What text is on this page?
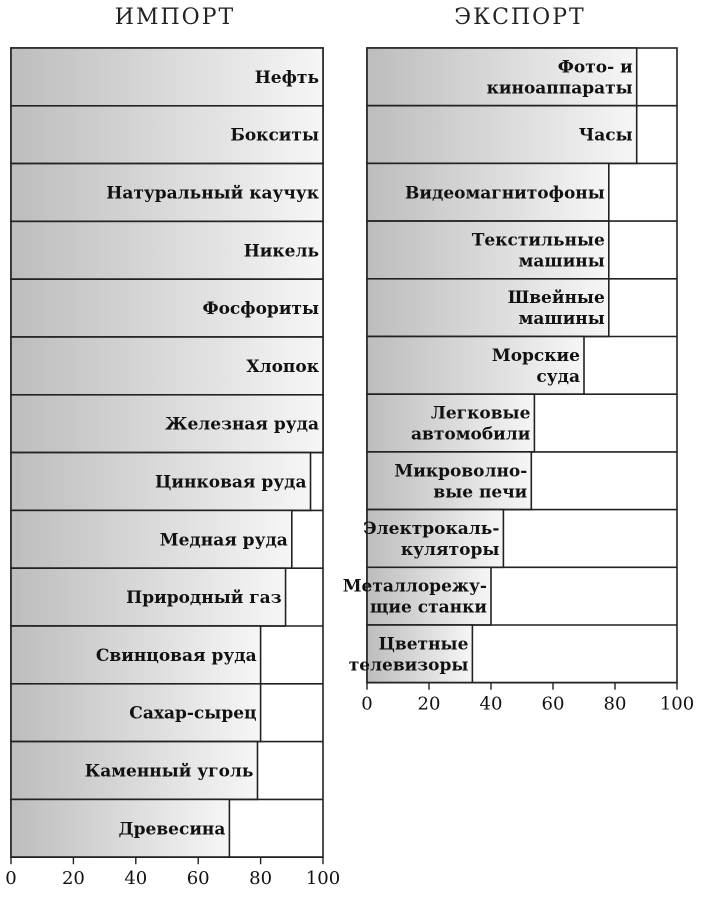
ИМПОРТ	ЭКСПОРТ
Нефть
Бокситы
Натуральный каучук
Никель
Фосфориты
Хлопок
Железная руда
Цинковая руда
Медная руда
Природный газ
Свинцовая руда
Сахар-сырец
Каменный уголь
Древесина
0	20 40 60 80 100
Фото- и
киноаппараты
Часы
Видеомагнитофоны
Текстильные
машины
Швейные
машины
Морские
суда
Легковые
автомобили
Микроволно-
вые печи
Электрокаль-
куляторы
Металлорежу-
щие станки
Цветные
телевизоры
0 20 40 60 80 100
